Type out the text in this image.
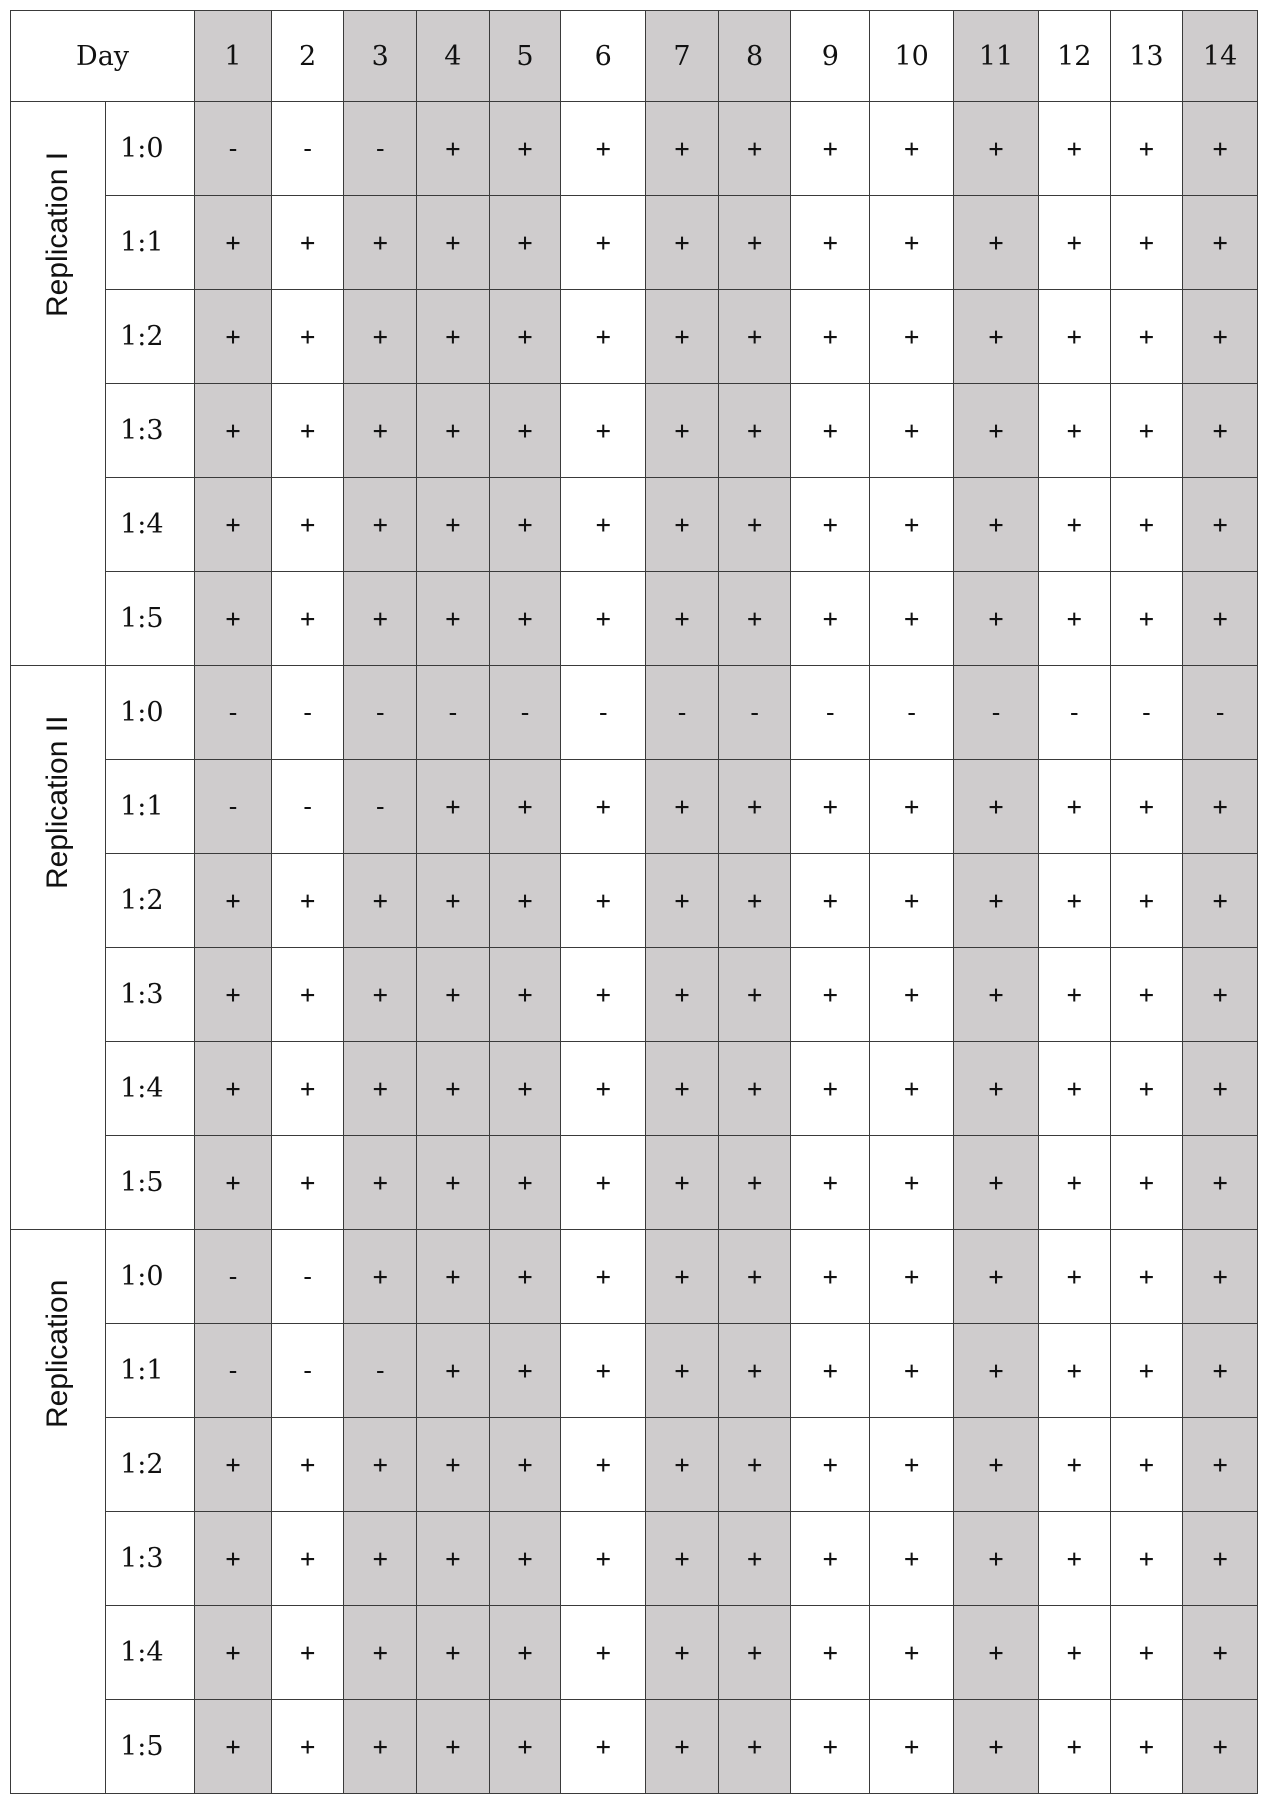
Day		1	2	3	4	5	6	7	8	9	10	11	12	13	14

Replication I	1:0	-	-	-	+	+	+	+	+	+	+	+	+	+	+
	1:1	+	+	+	+	+	+	+	+	+	+	+	+	+	+
	1:2	+	+	+	+	+	+	+	+	+	+	+	+	+	+
	1:3	+	+	+	+	+	+	+	+	+	+	+	+	+	+
	1:4	+	+	+	+	+	+	+	+	+	+	+	+	+	+
	1:5	+	+	+	+	+	+	+	+	+	+	+	+	+	+

Replication II	1:0	-	-	-	-	-	-	-	-	-	-	-	-	-	-
	1:1	-	-	-	+	+	+	+	+	+	+	+	+	+	+
	1:2	+	+	+	+	+	+	+	+	+	+	+	+	+	+
	1:3	+	+	+	+	+	+	+	+	+	+	+	+	+	+
	1:4	+	+	+	+	+	+	+	+	+	+	+	+	+	+
	1:5	+	+	+	+	+	+	+	+	+	+	+	+	+	+

Replication	1:0	-	-	+	+	+	+	+	+	+	+	+	+	+	+
	1:1	-	-	-	+	+	+	+	+	+	+	+	+	+	+
	1:2	+	+	+	+	+	+	+	+	+	+	+	+	+	+
	1:3	+	+	+	+	+	+	+	+	+	+	+	+	+	+
	1:4	+	+	+	+	+	+	+	+	+	+	+	+	+	+
	1:5	+	+	+	+	+	+	+	+	+	+	+	+	+	+
